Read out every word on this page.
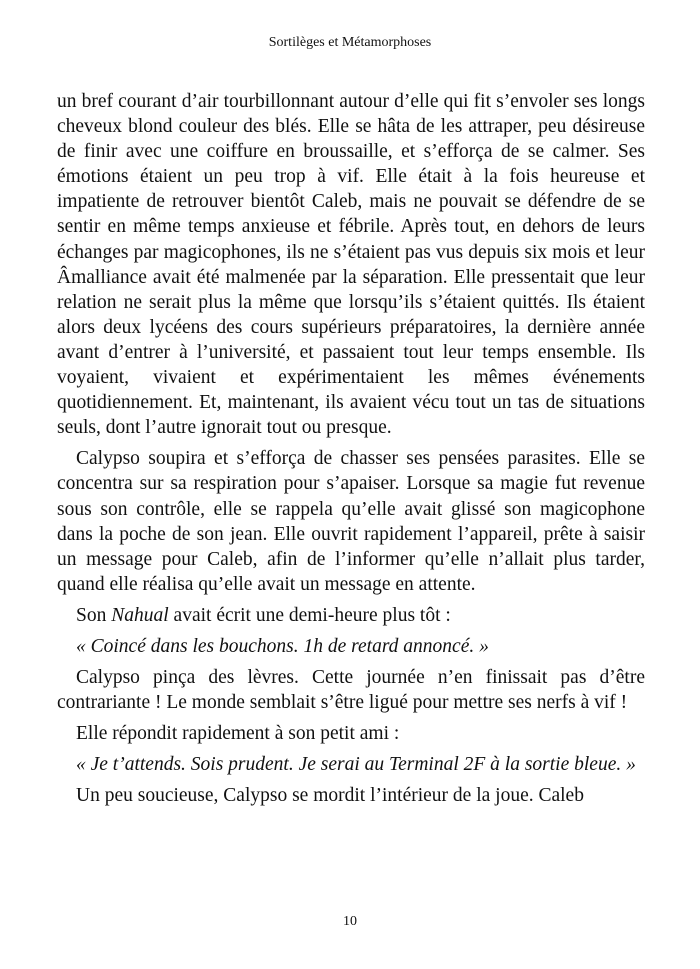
Sortilèges et Métamorphoses

un bref courant d’air tourbillonnant autour d’elle qui fit s’envoler ses longs cheveux blond couleur des blés. Elle se hâta de les attraper, peu désireuse de finir avec une coiffure en broussaille, et s’efforça de se calmer. Ses émotions étaient un peu trop à vif. Elle était à la fois heureuse et impatiente de retrouver bientôt Caleb, mais ne pouvait se défendre de se sentir en même temps anxieuse et fébrile. Après tout, en dehors de leurs échanges par magicophones, ils ne s’étaient pas vus depuis six mois et leur Âmalliance avait été malmenée par la séparation. Elle pressentait que leur relation ne serait plus la même que lorsqu’ils s’étaient quittés. Ils étaient alors deux lycéens des cours supérieurs préparatoires, la dernière année avant d’entrer à l’université, et passaient tout leur temps ensemble. Ils voyaient, vivaient et expérimentaient les mêmes événements quotidiennement. Et, maintenant, ils avaient vécu tout un tas de situations seuls, dont l’autre ignorait tout ou presque.

Calypso soupira et s’efforça de chasser ses pensées parasites. Elle se concentra sur sa respiration pour s’apaiser. Lorsque sa magie fut revenue sous son contrôle, elle se rappela qu’elle avait glissé son magicophone dans la poche de son jean. Elle ouvrit rapidement l’appareil, prête à saisir un message pour Caleb, afin de l’informer qu’elle n’allait plus tarder, quand elle réalisa qu’elle avait un message en attente.

Son Nahual avait écrit une demi-heure plus tôt :

« Coincé dans les bouchons. 1h de retard annoncé. »

Calypso pinça des lèvres. Cette journée n’en finissait pas d’être contrariante ! Le monde semblait s’être ligué pour mettre ses nerfs à vif !

Elle répondit rapidement à son petit ami :

« Je t’attends. Sois prudent. Je serai au Terminal 2F à la sortie bleue. »

Un peu soucieuse, Calypso se mordit l’intérieur de la joue. Caleb

10
